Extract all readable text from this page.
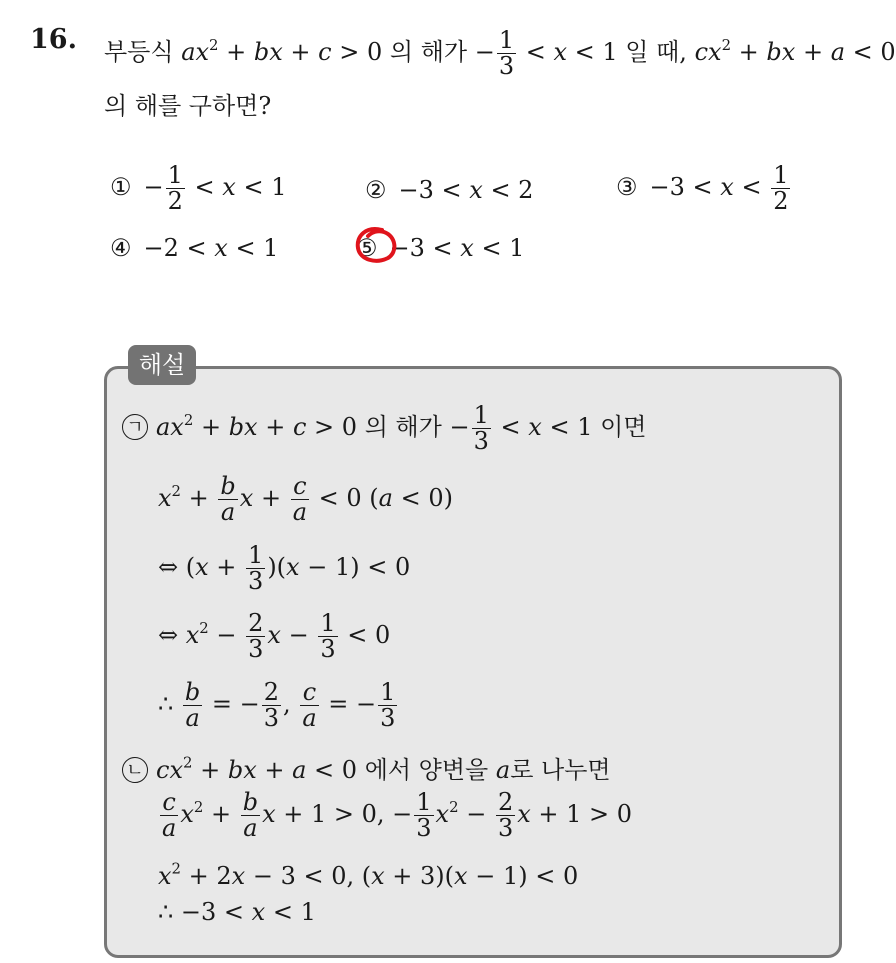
16. 부등식 $ax^2$ + bx + c > 0 의 해가 − $\frac{1}{3} < x < 1$ 일 때, $cx^2$ + bx + a < 0
의 해를 구하면?
① − $\frac{1}{2} < x < 1$	② −3 < x < 2	③ $-3 < x < \frac{1}{2}$
④ −2 < x < 1	⑤ −3 < x < 1
해설
ㄱ $ax^2$ + bx + c > 0 의 해가 − $\frac{1}{3} < x < 1$ 이면
$x^2 + \frac{b}{a}$ $x + \frac{c}{a} < 0$ (a < 0)
⇔ $(x + \frac{1}{3} )(x - 1) < 0$
⇔ $x^2 - \frac{2}{3}$ $x - \frac{1}{3} < 0$
∴ $\frac{b}{a}$ = − $\frac{2}{3}$ , $\frac{c}{a}$ = − $\frac{1}{3}$
ㄴ $cx^2$ + bx + a < 0 에서 양변을 a로 나누면
$\frac{c}{a} x^2 + \frac{b}{a}$ x + 1 > 0, − $\frac{1}{3} x^2 - \frac{2}{3}$ x + 1 > 0
$x^2 + 2x - 3 < 0$, (x + 3)(x − 1) < 0
∴ −3 < x < 1
